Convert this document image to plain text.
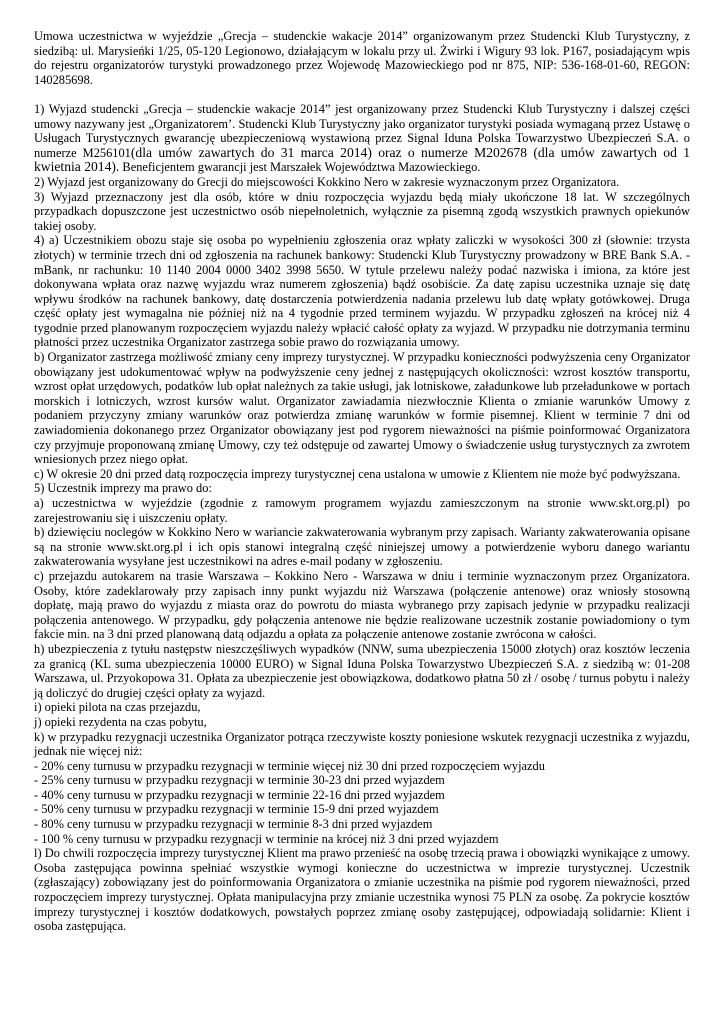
Umowa uczestnictwa w wyjeździe „Grecja – studenckie wakacje 2014” organizowanym przez Studencki Klub Turystyczny, z siedzibą: ul. Marysieńki 1/25, 05-120 Legionowo, działającym w lokalu przy ul. Żwirki i Wigury 93 lok. P167, posiadającym wpis do rejestru organizatorów turystyki prowadzonego przez Wojewodę Mazowieckiego pod nr 875, NIP: 536-168-01-60, REGON: 140285698.

1) Wyjazd studencki „Grecja – studenckie wakacje 2014” jest organizowany przez Studencki Klub Turystyczny i dalszej części umowy nazywany jest „Organizatorem’. Studencki Klub Turystyczny jako organizator turystyki posiada wymaganą przez Ustawę o Usługach Turystycznych gwarancję ubezpieczeniową wystawioną przez Signal Iduna Polska Towarzystwo Ubezpieczeń S.A. o numerze M256101(dla umów zawartych do 31 marca 2014) oraz o numerze M202678 (dla umów zawartych od 1 kwietnia 2014). Beneficjentem gwarancji jest Marszałek Województwa Mazowieckiego.

2) Wyjazd jest organizowany do Grecji do miejscowości Kokkino Nero w zakresie wyznaczonym przez Organizatora.

3) Wyjazd przeznaczony jest dla osób, które w dniu rozpoczęcia wyjazdu będą miały ukończone 18 lat. W szczególnych przypadkach dopuszczone jest uczestnictwo osób niepełnoletnich, wyłącznie za pisemną zgodą wszystkich prawnych opiekunów takiej osoby.

4) a) Uczestnikiem obozu staje się osoba po wypełnieniu zgłoszenia oraz wpłaty zaliczki w wysokości 300 zł (słownie: trzysta złotych) w terminie trzech dni od zgłoszenia na rachunek bankowy: Studencki Klub Turystyczny prowadzony w BRE Bank S.A. - mBank, nr rachunku: 10 1140 2004 0000 3402 3998 5650. W tytule przelewu należy podać nazwiska i imiona, za które jest dokonywana wpłata oraz nazwę wyjazdu wraz numerem zgłoszenia) bądź osobiście. Za datę zapisu uczestnika uznaje się datę wpływu środków na rachunek bankowy, datę dostarczenia potwierdzenia nadania przelewu lub datę wpłaty gotówkowej. Druga część opłaty jest wymagalna nie później niż na 4 tygodnie przed terminem wyjazdu. W przypadku zgłoszeń na krócej niż 4 tygodnie przed planowanym rozpoczęciem wyjazdu należy wpłacić całość opłaty za wyjazd. W przypadku nie dotrzymania terminu płatności przez uczestnika Organizator zastrzega sobie prawo do rozwiązania umowy.

b) Organizator zastrzega możliwość zmiany ceny imprezy turystycznej. W przypadku konieczności podwyższenia ceny Organizator obowiązany jest udokumentować wpływ na podwyższenie ceny jednej z następujących okoliczności: wzrost kosztów transportu, wzrost opłat urzędowych, podatków lub opłat należnych za takie usługi, jak lotniskowe, załadunkowe lub przeładunkowe w portach morskich i lotniczych, wzrost kursów walut. Organizator zawiadamia niezwłocznie Klienta o zmianie warunków Umowy z podaniem przyczyny zmiany warunków oraz potwierdza zmianę warunków w formie pisemnej. Klient w terminie 7 dni od zawiadomienia dokonanego przez Organizator obowiązany jest pod rygorem nieważności na piśmie poinformować Organizatora czy przyjmuje proponowaną zmianę Umowy, czy też odstępuje od zawartej Umowy o świadczenie usług turystycznych za zwrotem wniesionych przez niego opłat.

c) W okresie 20 dni przed datą rozpoczęcia imprezy turystycznej cena ustalona w umowie z Klientem nie może być podwyższana.

5) Uczestnik imprezy ma prawo do:

a) uczestnictwa w wyjeździe (zgodnie z ramowym programem wyjazdu zamieszczonym na stronie www.skt.org.pl) po zarejestrowaniu się i uiszczeniu opłaty.

b) dziewięciu noclegów w Kokkino Nero w wariancie zakwaterowania wybranym przy zapisach. Warianty zakwaterowania opisane są na stronie www.skt.org.pl i ich opis stanowi integralną część niniejszej umowy a potwierdzenie wyboru danego wariantu zakwaterowania wysyłane jest uczestnikowi na adres e-mail podany w zgłoszeniu.

c) przejazdu autokarem na trasie Warszawa – Kokkino Nero - Warszawa w dniu i terminie wyznaczonym przez Organizatora. Osoby, które zadeklarowały przy zapisach inny punkt wyjazdu niż Warszawa (połączenie antenowe) oraz wniosły stosowną dopłatę, mają prawo do wyjazdu z miasta oraz do powrotu do miasta wybranego przy zapisach jedynie w przypadku realizacji połączenia antenowego. W przypadku, gdy połączenia antenowe nie będzie realizowane uczestnik zostanie powiadomiony o tym fakcie min. na 3 dni przed planowaną datą odjazdu a opłata za połączenie antenowe zostanie zwrócona w całości.

h) ubezpieczenia z tytułu następstw nieszczęśliwych wypadków (NNW, suma ubezpieczenia 15000 złotych) oraz kosztów leczenia za granicą (KL suma ubezpieczenia 10000 EURO) w Signal Iduna Polska Towarzystwo Ubezpieczeń S.A. z siedzibą w: 01-208 Warszawa, ul. Przyokopowa 31. Opłata za ubezpieczenie jest obowiązkowa, dodatkowo płatna 50 zł / osobę / turnus pobytu i należy ją doliczyć do drugiej części opłaty za wyjazd.

i) opieki pilota na czas przejazdu,

j) opieki rezydenta na czas pobytu,

k) w przypadku rezygnacji uczestnika Organizator potrąca rzeczywiste koszty poniesione wskutek rezygnacji uczestnika z wyjazdu, jednak nie więcej niż:

- 20% ceny turnusu w przypadku rezygnacji w terminie więcej niż 30 dni przed rozpoczęciem wyjazdu

- 25% ceny turnusu w przypadku rezygnacji w terminie 30-23 dni przed wyjazdem

- 40% ceny turnusu w przypadku rezygnacji w terminie 22-16 dni przed wyjazdem

- 50% ceny turnusu w przypadku rezygnacji w terminie 15-9 dni przed wyjazdem

- 80% ceny turnusu w przypadku rezygnacji w terminie 8-3 dni przed wyjazdem

- 100 % ceny turnusu w przypadku rezygnacji w terminie na krócej niż 3 dni przed wyjazdem

l) Do chwili rozpoczęcia imprezy turystycznej Klient ma prawo przenieść na osobę trzecią prawa i obowiązki wynikające z umowy. Osoba zastępująca powinna spełniać wszystkie wymogi konieczne do uczestnictwa w imprezie turystycznej. Uczestnik (zgłaszający) zobowiązany jest do poinformowania Organizatora o zmianie uczestnika na piśmie pod rygorem nieważności, przed rozpoczęciem imprezy turystycznej. Opłata manipulacyjna przy zmianie uczestnika wynosi 75 PLN za osobę. Za pokrycie kosztów imprezy turystycznej i kosztów dodatkowych, powstałych poprzez zmianę osoby zastępującej, odpowiadają solidarnie: Klient i osoba zastępująca.
